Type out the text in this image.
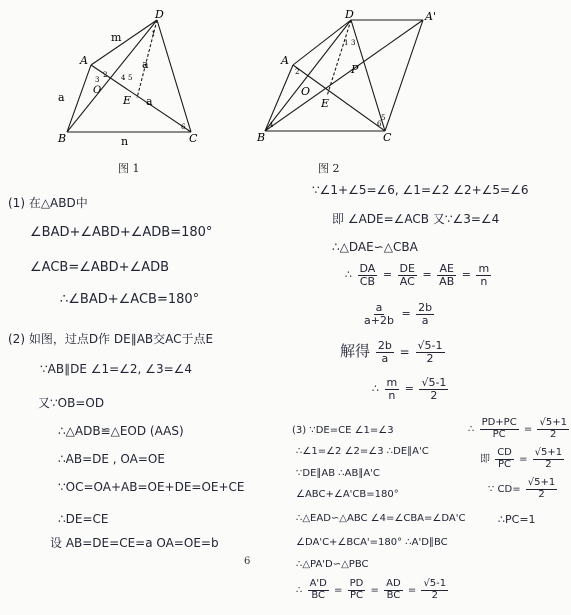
D
A
B	C
O
E
m
n
a
a
a
1
2
3	4 5
6
图 1
D	A'
A
B	C
O
E
P
1
2
3
6
5
4
图 2
(1) 在△ABD中
∠BAD+∠ABD+∠ADB=180°
∠ACB=∠ABD+∠ADB
∴∠BAD+∠ACB=180°
(2) 如图，过点D作 DE∥AB交AC于点E
∵AB∥DE ∠1=∠2, ∠3=∠4
又∵OB=OD
∴△ADB≌△EOD (AAS)
∴AB=DE , OA=OE
∵OC=OA+AB=OE+DE=OE+CE
∴DE=CE
设 AB=DE=CE=a OA=OE=b
6
∵∠1+∠5=∠6, ∠1=∠2 ∠2+∠5=∠6
即 ∠ADE=∠ACB 又∵∠3=∠4
∴△DAE∽△CBA
∴ $\frac{DA}{CB} = \frac{DE}{AC} = \frac{AE}{AB} = \frac{m}{n}$
$\frac{a}{a+2b} = \frac{2b}{a}$
解得 $\frac{2b}{a} = \frac{√5-1}{2}$
∴ $\frac{m}{n} = \frac{√5-1}{2}$
(3) ∵DE=CE ∠1=∠3
∴∠1=∠2 ∠2=∠3 ∴DE∥A'C
∵DE∥AB ∴AB∥A'C
∠ABC+∠A'CB=180°
∴△EAD∽△ABC ∠4=∠CBA=∠DA'C
∠DA'C+∠BCA'=180° ∴A'D∥BC
∴△PA'D∽△PBC
∴ $\frac{A'D}{BC} = \frac{PD}{PC} = \frac{AD}{BC} = \frac{√5-1}{2}$
∴ $\frac{PD+PC}{PC} = \frac{√5+1}{2}$
即 $\frac{CD}{PC} = \frac{√5+1}{2}$
∵ $CD= \frac{√5+1}{2}$
∴PC=1
